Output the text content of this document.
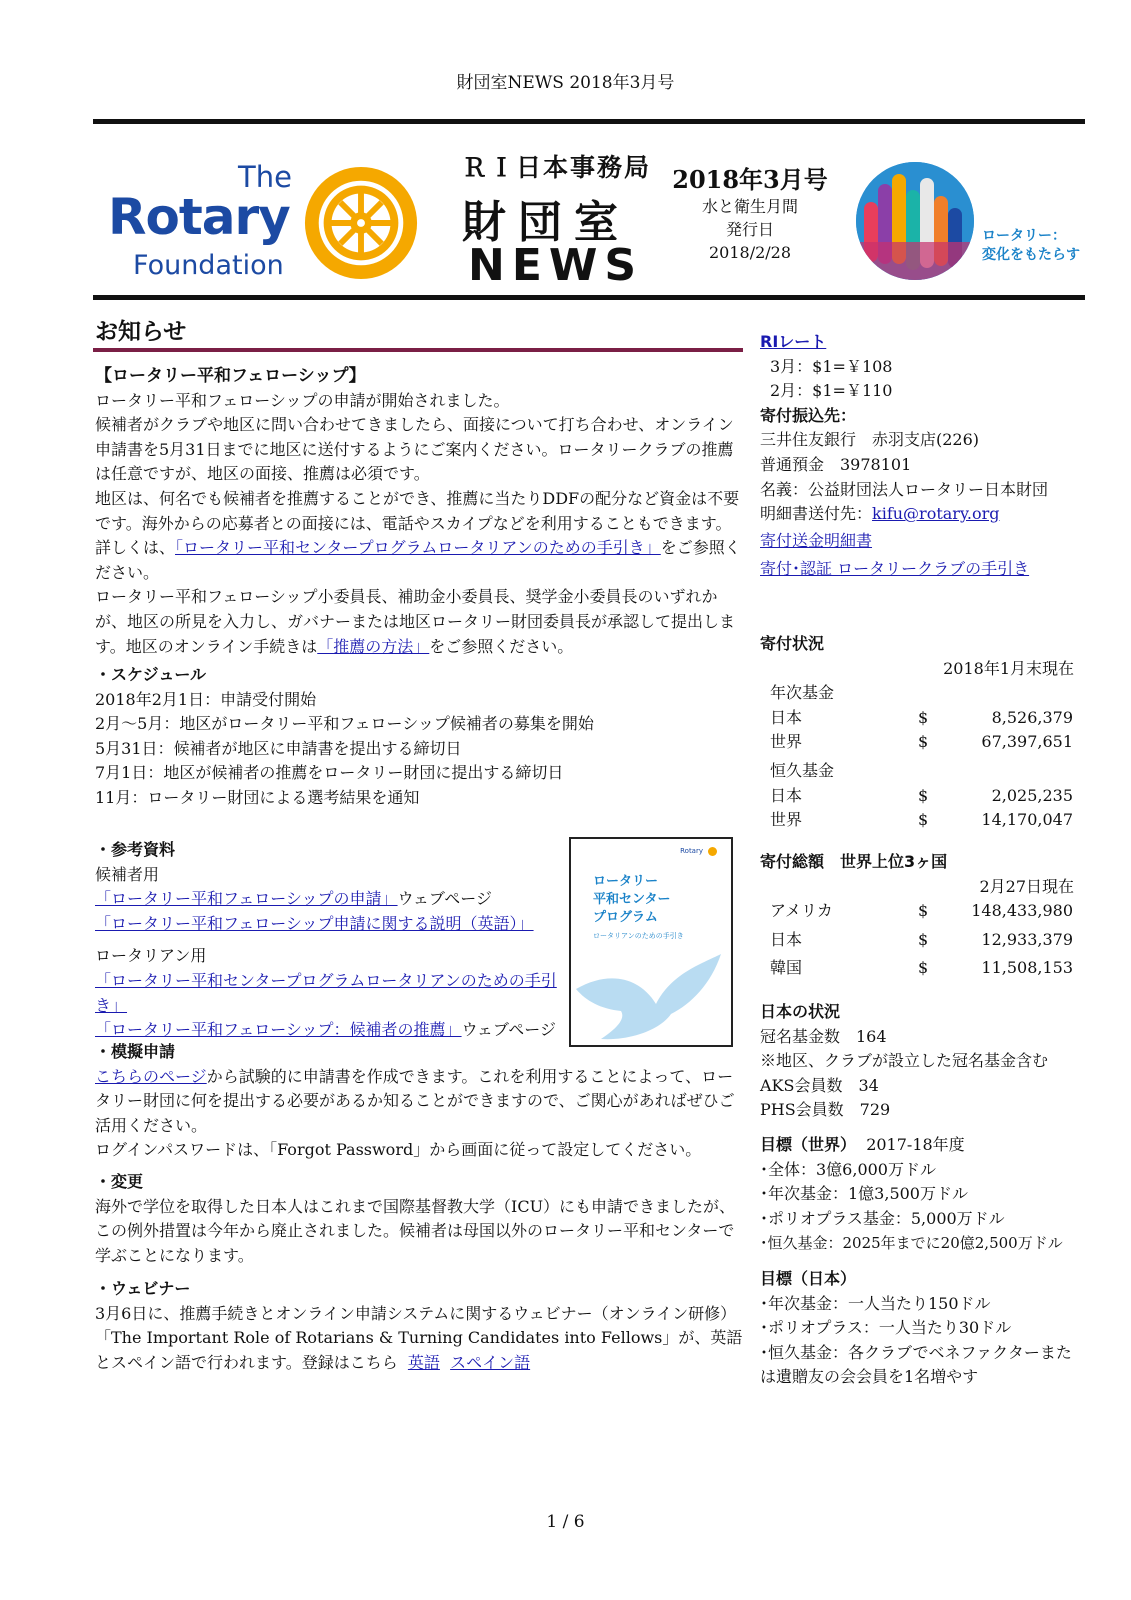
財団室NEWS 2018年3月号
The
Rotary
Foundation
ＲＩ日本事務局
財団室
NEWS
2018年3月号
水と衛生月間
発行日
2018/2/28
ロータリー：
変化をもたらす
お知らせ

【ロータリー平和フェローシップ】

ロータリー平和フェローシップの申請が開始されました。

候補者がクラブや地区に問い合わせてきましたら、面接について打ち合わせ、オンライン申請書を5月31日までに地区に送付するようにご案内ください。ロータリークラブの推薦は任意ですが、地区の面接、推薦は必須です。

地区は、何名でも候補者を推薦することができ、推薦に当たりDDFの配分など資金は不要です。海外からの応募者との面接には、電話やスカイプなどを利用することもできます。詳しくは、「ロータリー平和センタープログラムロータリアンのための手引き」をご参照ください。

ロータリー平和フェローシップ小委員長、補助金小委員長、奨学金小委員長のいずれかが、地区の所見を入力し、ガバナーまたは地区ロータリー財団委員長が承認して提出します。地区のオンライン手続きは「推薦の方法」をご参照ください。

・スケジュール

2018年2月1日：申請受付開始

2月～5月：地区がロータリー平和フェローシップ候補者の募集を開始

5月31日：候補者が地区に申請書を提出する締切日

7月1日：地区が候補者の推薦をロータリー財団に提出する締切日

11月：ロータリー財団による選考結果を通知

・参考資料

候補者用

「ロータリー平和フェローシップの申請」ウェブページ

「ロータリー平和フェローシップ申請に関する説明（英語）」

ロータリアン用

「ロータリー平和センタープログラムロータリアンのための手引き」

「ロータリー平和フェローシップ：候補者の推薦」ウェブページ

Rotary
ロータリー
平和センター
プログラム
ロータリアンのための手引き

・模擬申請

こちらのページから試験的に申請書を作成できます。これを利用することによって、ロータリー財団に何を提出する必要があるか知ることができますので、ご関心があればぜひご活用ください。

ログインパスワードは、「Forgot Password」から画面に従って設定してください。

・変更

海外で学位を取得した日本人はこれまで国際基督教大学（ICU）にも申請できましたが、この例外措置は今年から廃止されました。候補者は母国以外のロータリー平和センターで学ぶことになります。

・ウェビナー

3月6日に、推薦手続きとオンライン申請システムに関するウェビナー（オンライン研修）「The Important Role of Rotarians & Turning Candidates into Fellows」が、英語とスペイン語で行われます。登録はこちら 英語 スペイン語

RIレート

3月：$1=￥108

2月：$1=￥110

寄付振込先：

三井住友銀行　赤羽支店(226)

普通預金　3978101

名義：公益財団法人ロータリー日本財団

明細書送付先：kifu@rotary.org

寄付送金明細書

寄付･認証 ロータリークラブの手引き

寄付状況

2018年1月末現在

年次基金

日本	$	8,526,379
世界	$	67,397,651

恒久基金

日本	$	2,025,235
世界	$	14,170,047

寄付総額　世界上位3ヶ国

2月27日現在

アメリカ	$	148,433,980
日本	$	12,933,379
韓国	$	11,508,153

日本の状況

冠名基金数　164

※地区、クラブが設立した冠名基金含む

AKS会員数　34

PHS会員数　729

目標（世界） 2017-18年度

･全体：3億6,000万ドル

･年次基金：1億3,500万ドル

･ポリオプラス基金：5,000万ドル

･恒久基金：2025年までに20億2,500万ドル

目標（日本）

･年次基金：一人当たり150ドル

･ポリオプラス：一人当たり30ドル

･恒久基金：各クラブでベネファクターまたは遺贈友の会会員を1名増やす

1 / 6
